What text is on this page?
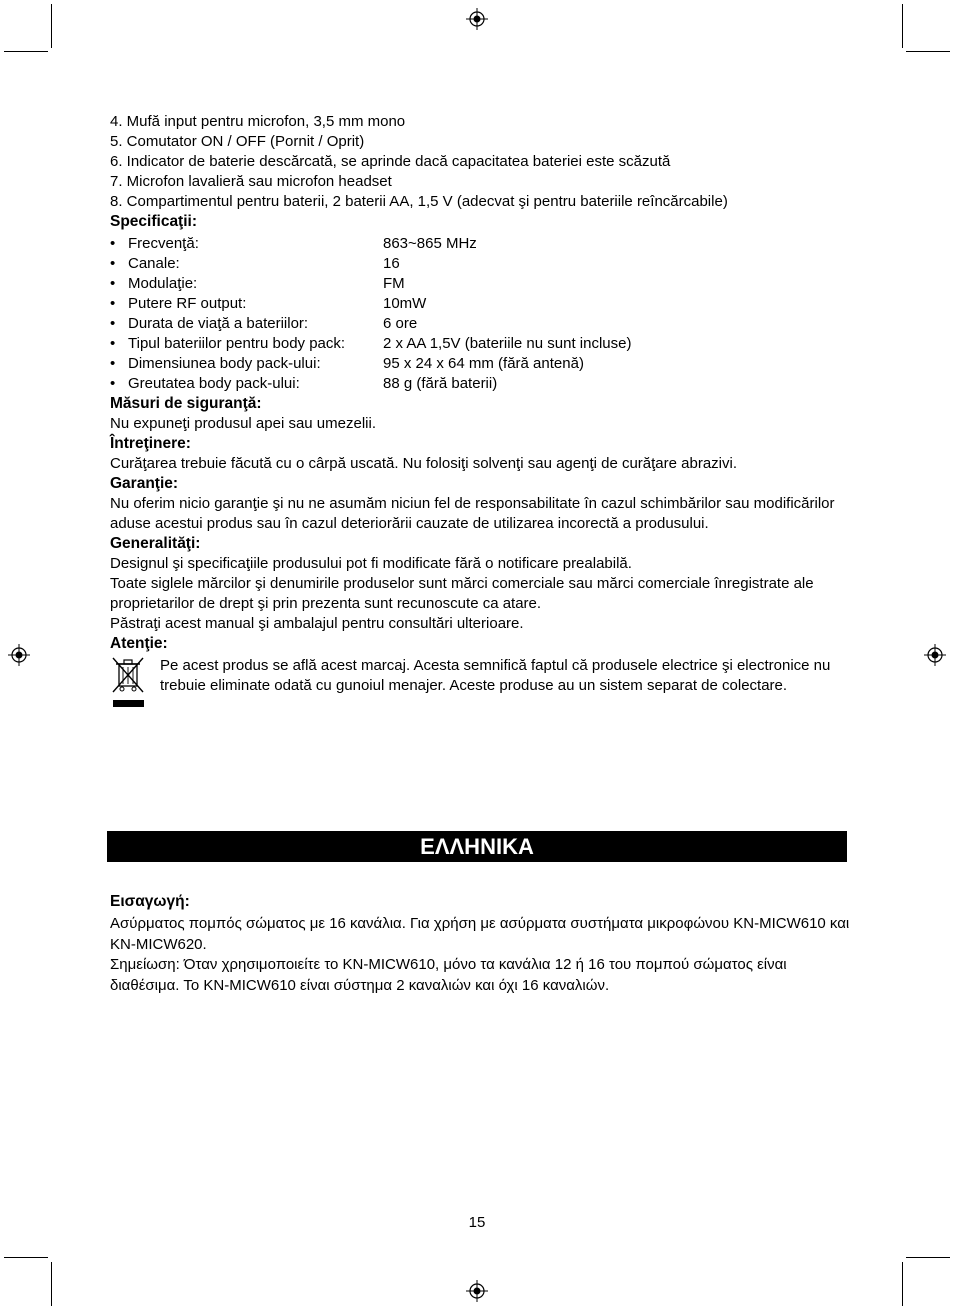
4. Mufă input pentru microfon, 3,5 mm mono

5. Comutator ON / OFF (Pornit / Oprit)

6. Indicator de baterie descărcată, se aprinde dacă capacitatea bateriei este scăzută

7. Microfon lavalieră sau microfon headset

8. Compartimentul pentru baterii, 2 baterii AA, 1,5 V (adecvat şi pentru bateriile reîncărcabile)

Specificaţii:

• Frecvenţă:	863~865 MHz
• Canale:	16
• Modulaţie:	FM
• Putere RF output:	10mW
• Durata de viaţă a bateriilor:	6 ore
• Tipul bateriilor pentru body pack:	2 x AA 1,5V (bateriile nu sunt incluse)
• Dimensiunea body pack-ului:	95 x 24 x 64 mm (fără antenă)
• Greutatea body pack-ului:	88 g (fără baterii)

Măsuri de siguranţă:

Nu expuneţi produsul apei sau umezelii.

Întreţinere:

Curăţarea trebuie făcută cu o cârpă uscată. Nu folosiţi solvenţi sau agenţi de curăţare abrazivi.

Garanţie:

Nu oferim nicio garanţie şi nu ne asumăm niciun fel de responsabilitate în cazul schimbărilor sau modificărilor aduse acestui produs sau în cazul deteriorării cauzate de utilizarea incorectă a produsului.

Generalităţi:

Designul şi specificaţiile produsului pot fi modificate fără o notificare prealabilă.

Toate siglele mărcilor şi denumirile produselor sunt mărci comerciale sau mărci comerciale înregistrate ale proprietarilor de drept şi prin prezenta sunt recunoscute ca atare.

Păstraţi acest manual şi ambalajul pentru consultări ulterioare.

Atenţie:

Pe acest produs se află acest marcaj. Acesta semnifică faptul că produsele electrice şi electronice nu trebuie eliminate odată cu gunoiul menajer. Aceste produse au un sistem separat de colectare.

ΕΛΛΗΝΙΚΑ

Εισαγωγή:

Ασύρματος πομπός σώματος με 16 κανάλια. Για χρήση με ασύρματα συστήματα μικροφώνου KN-MICW610 και KN-MICW620.

Σημείωση: Όταν χρησιμοποιείτε το KN-MICW610, μόνο τα κανάλια 12 ή 16 του πομπού σώματος είναι διαθέσιμα. Το KN-MICW610 είναι σύστημα 2 καναλιών και όχι 16 καναλιών.

15
